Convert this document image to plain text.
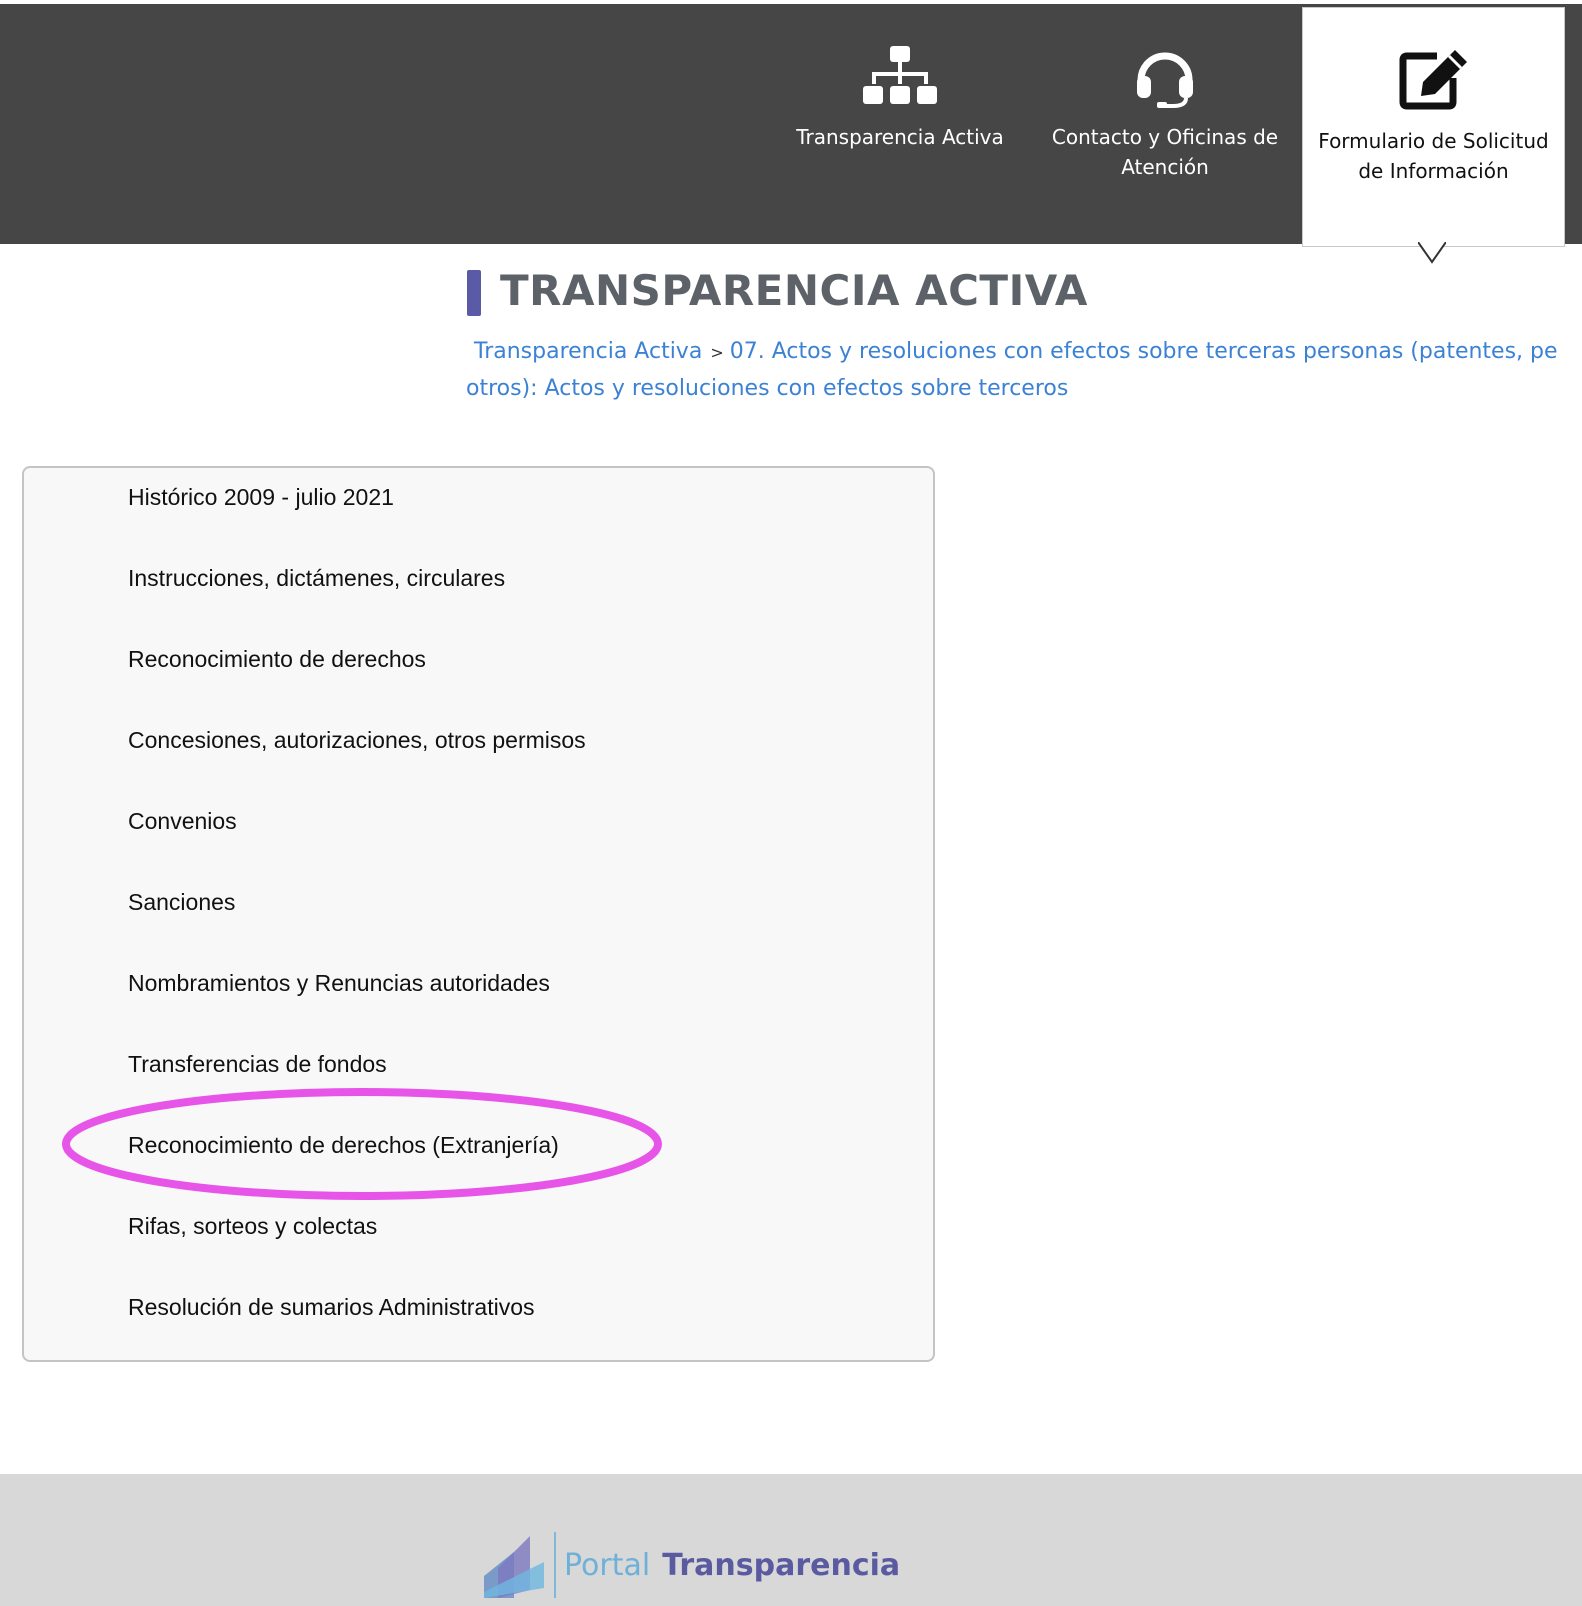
Transparencia Activa Contacto y Oficinas de Atención
Formulario de Solicitud de Información
TRANSPARENCIA ACTIVA
Transparencia Activa > 07. Actos y resoluciones con efectos sobre terceras personas (patentes, pe
otros): Actos y resoluciones con efectos sobre terceros
Histórico 2009 - julio 2021
Instrucciones, dictámenes, circulares
Reconocimiento de derechos
Concesiones, autorizaciones, otros permisos
Convenios
Sanciones
Nombramientos y Renuncias autoridades
Transferencias de fondos
Reconocimiento de derechos (Extranjería)
Rifas, sorteos y colectas
Resolución de sumarios Administrativos
Portal Transparencia
